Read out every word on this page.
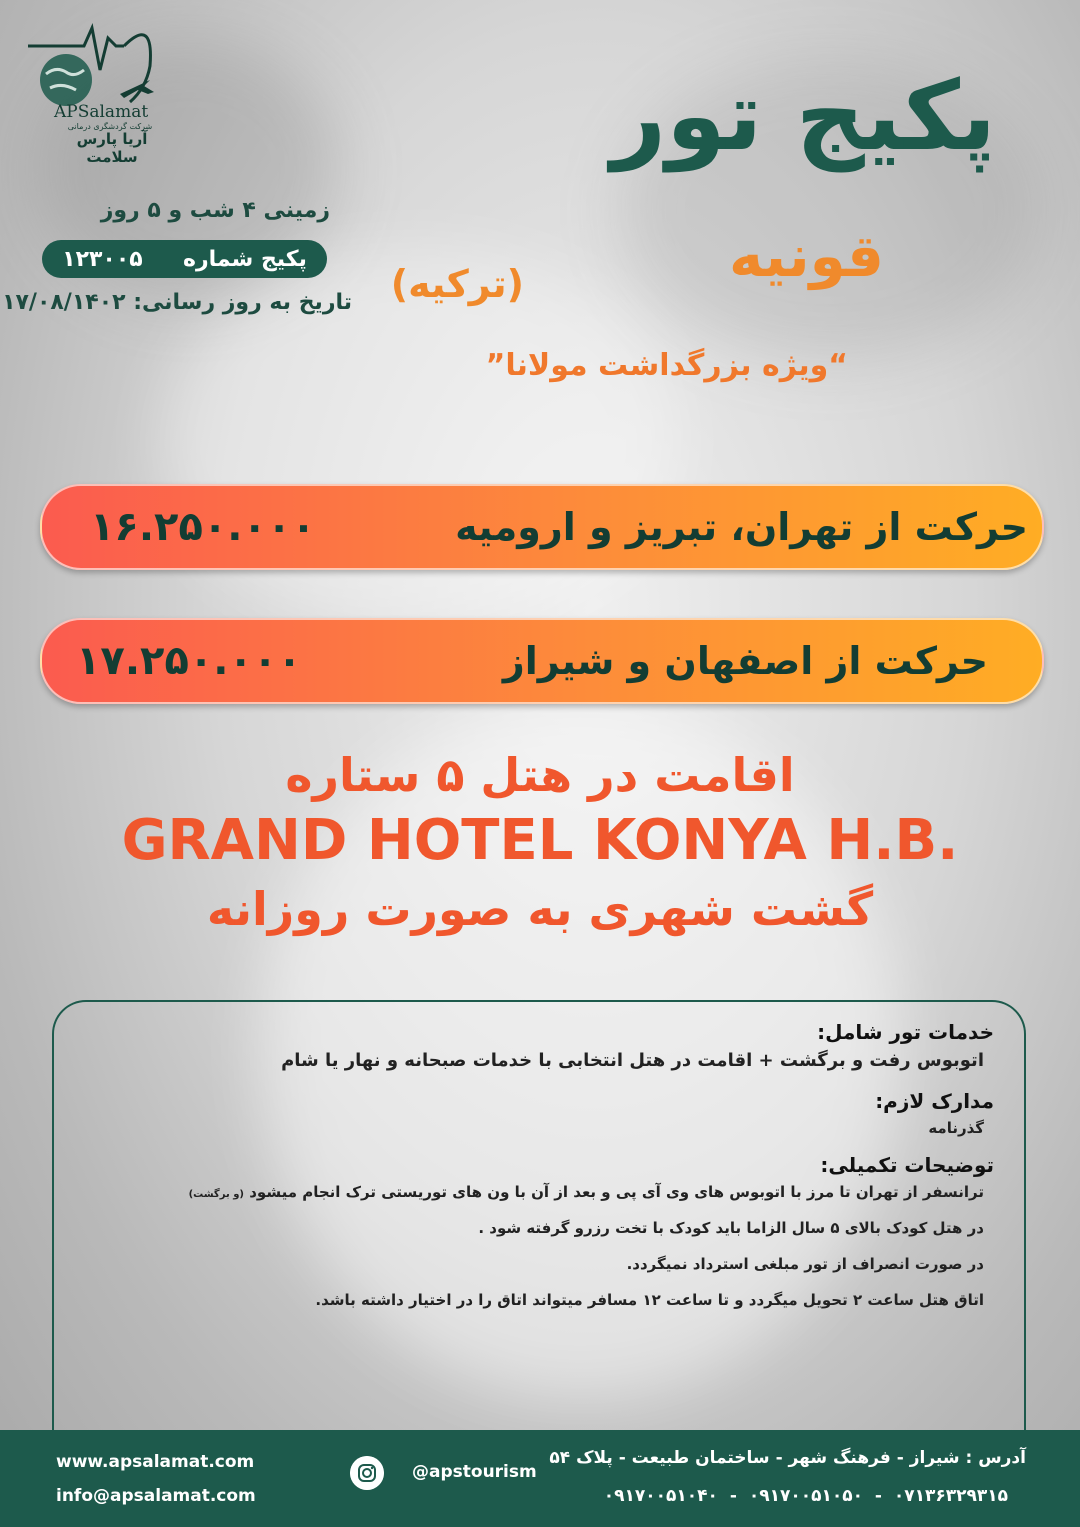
APSalamat
شرکت گردشگری درمانی
آریا پارس سلامت	پکیج تور
قونیه
(ترکیه)
“ویژه بزرگداشت مولانا”
زمینی ۴ شب و ۵ روز
پکیج شماره
۱۲۳۰۰۵
تاریخ به روز رسانی: ۱۷/۰۸/۱۴۰۲
حرکت از تهران، تبریز و ارومیه
۱۶.۲۵۰.۰۰۰
حرکت از اصفهان و شیراز
۱۷.۲۵۰.۰۰۰
اقامت در هتل ۵ ستاره
GRAND HOTEL KONYA H.B.
گشت شهری به صورت روزانه
خدمات تور شامل:
اتوبوس رفت و برگشت + اقامت در هتل انتخابی با خدمات صبحانه و نهار یا شام
مدارک لازم:
گذرنامه
توضیحات تکمیلی:
ترانسفر از تهران تا مرز با اتوبوس های وی آی پی و بعد از آن با ون های توریستی ترک انجام میشود (و برگشت)
در هتل کودک بالای ۵ سال الزاما باید کودک با تخت رزرو گرفته شود .
در صورت انصراف از تور مبلغی استرداد نمیگردد.
اتاق هتل ساعت ۲ تحویل میگردد و تا ساعت ۱۲ مسافر میتواند اتاق را در اختیار داشته باشد.
www.apsalamat.com
info@apsalamat.com
@apstourism
آدرس : شیراز - فرهنگ شهر - ساختمان طبیعت - پلاک ۵۴
۰۷۱۳۶۳۲۹۳۱۵ - ۰۹۱۷۰۰۵۱۰۵۰ - ۰۹۱۷۰۰۵۱۰۴۰
